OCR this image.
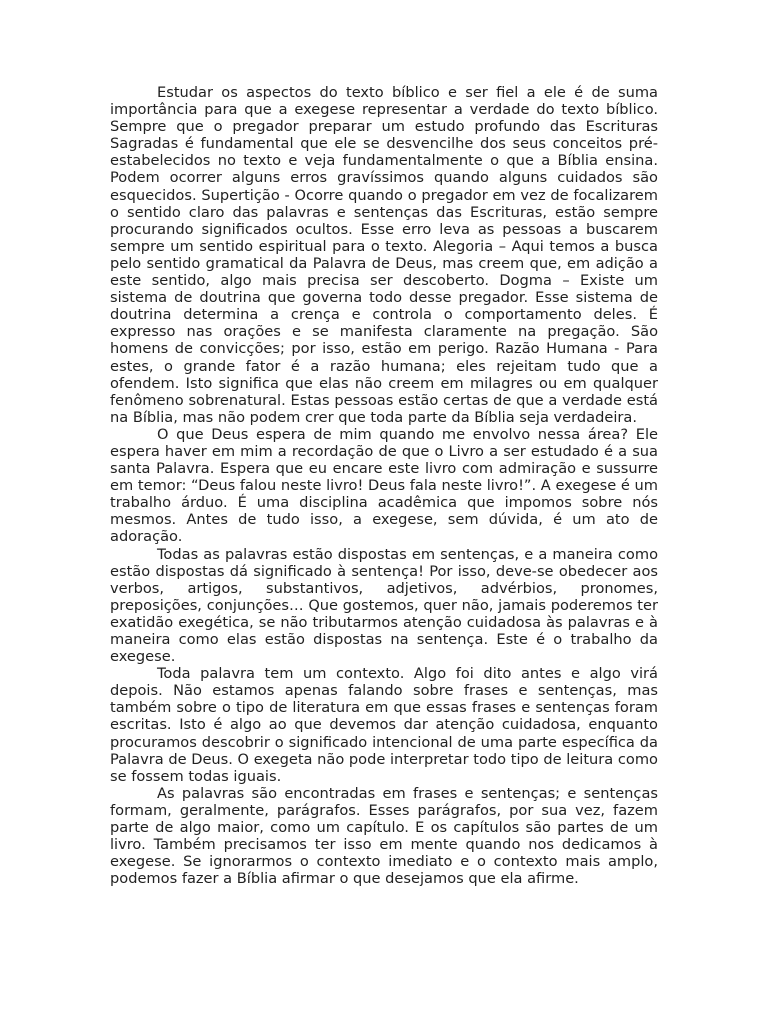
Estudar os aspectos do texto bíblico e ser fiel a ele é de suma importância para que a exegese representar a verdade do texto bíblico. Sempre que o pregador preparar um estudo profundo das Escrituras Sagradas é fundamental que ele se desvencilhe dos seus conceitos pré-estabelecidos no texto e veja fundamentalmente o que a Bíblia ensina. Podem ocorrer alguns erros gravíssimos quando alguns cuidados são esquecidos. Supertição - Ocorre quando o pregador em vez de focalizarem o sentido claro das palavras e sentenças das Escrituras, estão sempre procurando significados ocultos. Esse erro leva as pessoas a buscarem sempre um sentido espiritual para o texto. Alegoria – Aqui temos a busca pelo sentido gramatical da Palavra de Deus, mas creem que, em adição a este sentido, algo mais precisa ser descoberto. Dogma – Existe um sistema de doutrina que governa todo desse pregador. Esse sistema de doutrina determina a crença e controla o comportamento deles. É expresso nas orações e se manifesta claramente na pregação. São homens de convicções; por isso, estão em perigo. Razão Humana - Para estes, o grande fator é a razão humana; eles rejeitam tudo que a ofendem. Isto significa que elas não creem em milagres ou em qualquer fenômeno sobrenatural. Estas pessoas estão certas de que a verdade está na Bíblia, mas não podem crer que toda parte da Bíblia seja verdadeira.

O que Deus espera de mim quando me envolvo nessa área? Ele espera haver em mim a recordação de que o Livro a ser estudado é a sua santa Palavra. Espera que eu encare este livro com admiração e sussurre em temor: “Deus falou neste livro! Deus fala neste livro!”. A exegese é um trabalho árduo. É uma disciplina acadêmica que impomos sobre nós mesmos. Antes de tudo isso, a exegese, sem dúvida, é um ato de adoração.

Todas as palavras estão dispostas em sentenças, e a maneira como estão dispostas dá significado à sentença! Por isso, deve-se obedecer aos verbos, artigos, substantivos, adjetivos, advérbios, pronomes, preposições, conjunções… Que gostemos, quer não, jamais poderemos ter exatidão exegética, se não tributarmos atenção cuidadosa às palavras e à maneira como elas estão dispostas na sentença. Este é o trabalho da exegese.

Toda palavra tem um contexto. Algo foi dito antes e algo virá depois. Não estamos apenas falando sobre frases e sentenças, mas também sobre o tipo de literatura em que essas frases e sentenças foram escritas. Isto é algo ao que devemos dar atenção cuidadosa, enquanto procuramos descobrir o significado intencional de uma parte específica da Palavra de Deus. O exegeta não pode interpretar todo tipo de leitura como se fossem todas iguais.

As palavras são encontradas em frases e sentenças; e sentenças formam, geralmente, parágrafos. Esses parágrafos, por sua vez, fazem parte de algo maior, como um capítulo. E os capítulos são partes de um livro. Também precisamos ter isso em mente quando nos dedicamos à exegese. Se ignorarmos o contexto imediato e o contexto mais amplo, podemos fazer a Bíblia afirmar o que desejamos que ela afirme.
